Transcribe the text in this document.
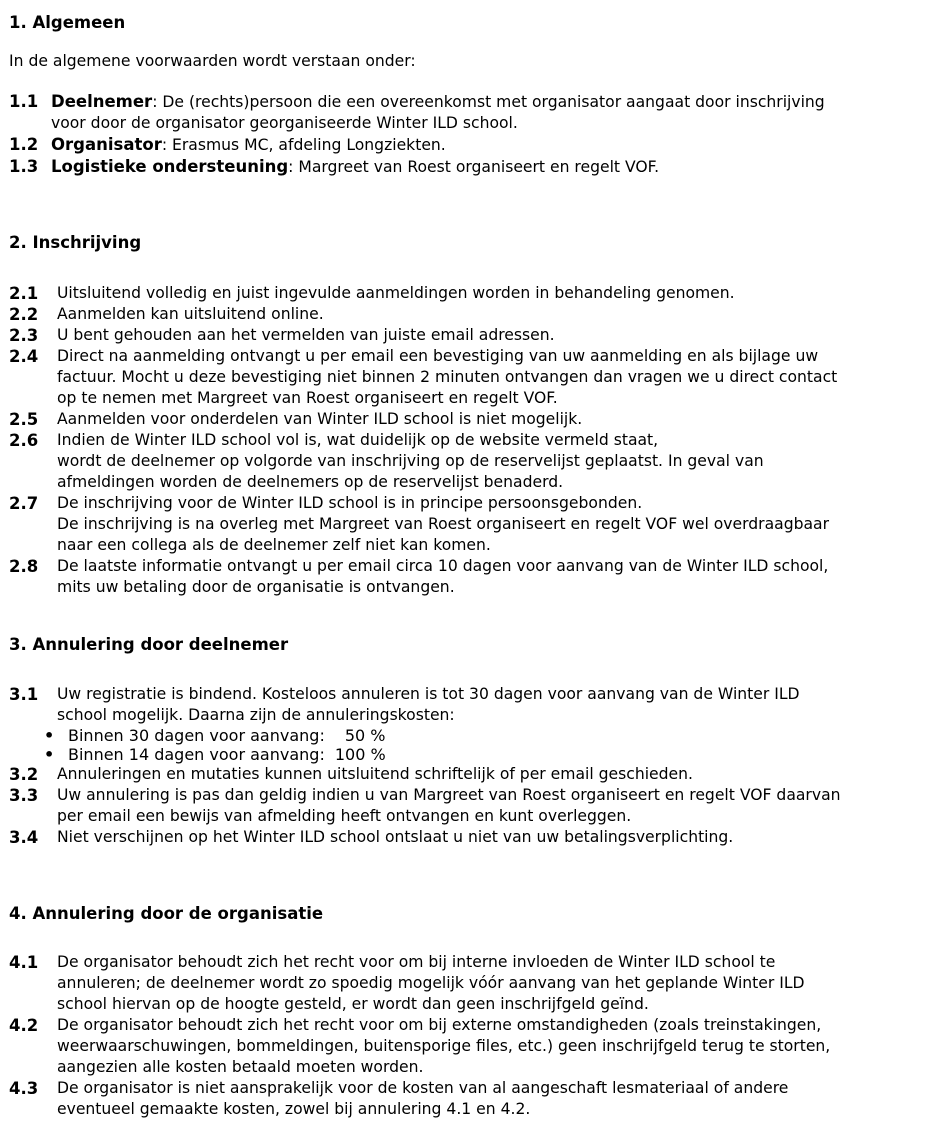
1. Algemeen
In de algemene voorwaarden wordt verstaan onder:
1.1 Deelnemer: De (rechts)persoon die een overeenkomst met organisator aangaat door inschrijving
voor door de organisator georganiseerde Winter ILD school.
1.2 Organisator: Erasmus MC, afdeling Longziekten.
1.3 Logistieke ondersteuning: Margreet van Roest organiseert en regelt VOF.
2. Inschrijving
2.1	Uitsluitend volledig en juist ingevulde aanmeldingen worden in behandeling genomen.
2.2	Aanmelden kan uitsluitend online.
2.3	U bent gehouden aan het vermelden van juiste email adressen.
2.4	Direct na aanmelding ontvangt u per email een bevestiging van uw aanmelding en als bijlage uw
factuur. Mocht u deze bevestiging niet binnen 2 minuten ontvangen dan vragen we u direct contact
op te nemen met Margreet van Roest organiseert en regelt VOF.
2.5	Aanmelden voor onderdelen van Winter ILD school is niet mogelijk.
2.6	Indien de Winter ILD school vol is, wat duidelijk op de website vermeld staat,
wordt de deelnemer op volgorde van inschrijving op de reservelijst geplaatst. In geval van
afmeldingen worden de deelnemers op de reservelijst benaderd.
2.7	De inschrijving voor de Winter ILD school is in principe persoonsgebonden.
De inschrijving is na overleg met Margreet van Roest organiseert en regelt VOF wel overdraagbaar
naar een collega als de deelnemer zelf niet kan komen.
2.8	De laatste informatie ontvangt u per email circa 10 dagen voor aanvang van de Winter ILD school,
mits uw betaling door de organisatie is ontvangen.
3. Annulering door deelnemer
3.1	Uw registratie is bindend. Kosteloos annuleren is tot 30 dagen voor aanvang van de Winter ILD
school mogelijk. Daarna zijn de annuleringskosten:
• Binnen 30 dagen voor aanvang: 50 %
• Binnen 14 dagen voor aanvang: 100 %
3.2	Annuleringen en mutaties kunnen uitsluitend schriftelijk of per email geschieden.
3.3	Uw annulering is pas dan geldig indien u van Margreet van Roest organiseert en regelt VOF daarvan
per email een bewijs van afmelding heeft ontvangen en kunt overleggen.
3.4	Niet verschijnen op het Winter ILD school ontslaat u niet van uw betalingsverplichting.
4. Annulering door de organisatie
4.1	De organisator behoudt zich het recht voor om bij interne invloeden de Winter ILD school te
annuleren; de deelnemer wordt zo spoedig mogelijk vóór aanvang van het geplande Winter ILD
school hiervan op de hoogte gesteld, er wordt dan geen inschrijfgeld geïnd.
4.2	De organisator behoudt zich het recht voor om bij externe omstandigheden (zoals treinstakingen,
weerwaarschuwingen, bommeldingen, buitensporige files, etc.) geen inschrijfgeld terug te storten,
aangezien alle kosten betaald moeten worden.
4.3	De organisator is niet aansprakelijk voor de kosten van al aangeschaft lesmateriaal of andere
eventueel gemaakte kosten, zowel bij annulering 4.1 en 4.2.
